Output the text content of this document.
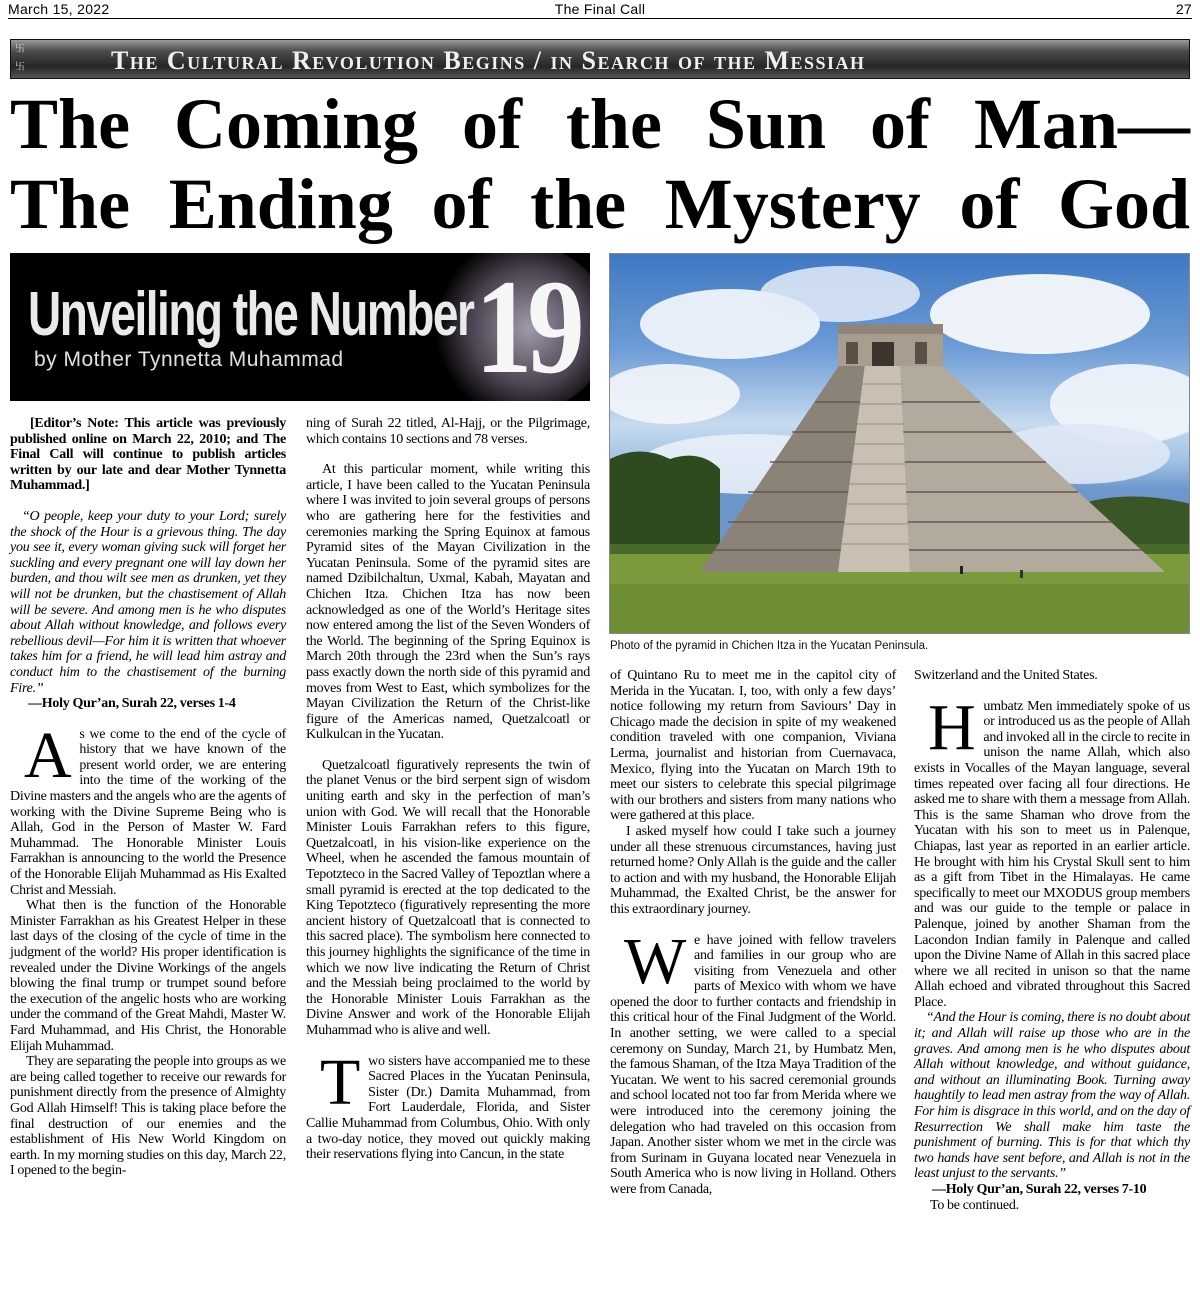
March 15, 2022	The Final Call	27
卐
卐	The Cultural Revolution Begins / in Search of the Messiah
The Coming of the Sun of Man—
The Ending of the Mystery of God
Unveiling the Number
by Mother Tynnetta Muhammad 19
Photo of the pyramid in Chichen Itza in the Yucatan Peninsula.

[Editor’s Note: This article was previously published online on March 22, 2010; and The Final Call will continue to publish articles written by our late and dear Mother Tynnetta Muhammad.]

“O people, keep your duty to your Lord; surely the shock of the Hour is a grievous thing. The day you see it, every woman giving suck will forget her suckling and every pregnant one will lay down her burden, and thou wilt see men as drunken, yet they will not be drunken, but the chastisement of Allah will be severe. And among men is he who disputes about Allah without knowledge, and follows every rebellious devil—For him it is written that whoever takes him for a friend, he will lead him astray and conduct him to the chastisement of the burning Fire.”

—Holy Qur’an, Surah 22, verses 1-4

As we come to the end of the cycle of history that we have known of the present world order, we are entering into the time of the working of the Divine masters and the angels who are the agents of working with the Divine Supreme Being who is Allah, God in the Person of Master W. Fard Muhammad. The Honorable Minister Louis Farrakhan is announcing to the world the Presence of the Honorable Elijah Muhammad as His Exalted Christ and Messiah.

What then is the function of the Honorable Minister Farrakhan as his Greatest Helper in these last days of the closing of the cycle of time in the judgment of the world? His proper identification is revealed under the Divine Workings of the angels blowing the final trump or trumpet sound before the execution of the angelic hosts who are working under the command of the Great Mahdi, Master W. Fard Muhammad, and His Christ, the Honorable Elijah Muhammad.

They are separating the people into groups as we are being called together to receive our rewards for punishment directly from the presence of Almighty God Allah Himself! This is taking place before the final destruction of our enemies and the establishment of His New World Kingdom on earth. In my morning studies on this day, March 22, I opened to the begin-

ning of Surah 22 titled, Al-Hajj, or the Pilgrimage, which contains 10 sections and 78 verses.

At this particular moment, while writing this article, I have been called to the Yucatan Peninsula where I was invited to join several groups of persons who are gathering here for the festivities and ceremonies marking the Spring Equinox at famous Pyramid sites of the Mayan Civilization in the Yucatan Peninsula. Some of the pyramid sites are named Dzibilchaltun, Uxmal, Kabah, Mayatan and Chichen Itza. Chichen Itza has now been acknowledged as one of the World’s Heritage sites now entered among the list of the Seven Wonders of the World. The beginning of the Spring Equinox is March 20th through the 23rd when the Sun’s rays pass exactly down the north side of this pyramid and moves from West to East, which symbolizes for the Mayan Civilization the Return of the Christ-like figure of the Americas named, Quetzalcoatl or Kulkulcan in the Yucatan.

Quetzalcoatl figuratively represents the twin of the planet Venus or the bird serpent sign of wisdom uniting earth and sky in the perfection of man’s union with God. We will recall that the Honorable Minister Louis Farrakhan refers to this figure, Quetzalcoatl, in his vision-like experience on the Wheel, when he ascended the famous mountain of Tepotzteco in the Sacred Valley of Tepoztlan where a small pyramid is erected at the top dedicated to the King Tepotzteco (figuratively representing the more ancient history of Quetzalcoatl that is connected to this sacred place). The symbolism here connected to this journey highlights the significance of the time in which we now live indicating the Return of Christ and the Messiah being proclaimed to the world by the Honorable Minister Louis Farrakhan as the Divine Answer and work of the Honorable Elijah Muhammad who is alive and well.

Two sisters have accompanied me to these Sacred Places in the Yucatan Peninsula, Sister (Dr.) Damita Muhammad, from Fort Lauderdale, Florida, and Sister Callie Muhammad from Columbus, Ohio. With only a two-day notice, they moved out quickly making their reservations flying into Cancun, in the state

of Quintano Ru to meet me in the capitol city of Merida in the Yucatan. I, too, with only a few days’ notice following my return from Saviours’ Day in Chicago made the decision in spite of my weakened condition traveled with one companion, Viviana Lerma, journalist and historian from Cuernavaca, Mexico, flying into the Yucatan on March 19th to meet our sisters to celebrate this special pilgrimage with our brothers and sisters from many nations who were gathered at this place.

I asked myself how could I take such a journey under all these strenuous circumstances, having just returned home? Only Allah is the guide and the caller to action and with my husband, the Honorable Elijah Muhammad, the Exalted Christ, be the answer for this extraordinary journey.

We have joined with fellow travelers and families in our group who are visiting from Venezuela and other parts of Mexico with whom we have opened the door to further contacts and friendship in this critical hour of the Final Judgment of the World. In another setting, we were called to a special ceremony on Sunday, March 21, by Humbatz Men, the famous Shaman, of the Itza Maya Tradition of the Yucatan. We went to his sacred ceremonial grounds and school located not too far from Merida where we were introduced into the ceremony joining the delegation who had traveled on this occasion from Japan. Another sister whom we met in the circle was from Surinam in Guyana located near Venezuela in South America who is now living in Holland. Others were from Canada,

Switzerland and the United States.

Humbatz Men immediately spoke of us or introduced us as the people of Allah and invoked all in the circle to recite in unison the name Allah, which also exists in Vocalles of the Mayan language, several times repeated over facing all four directions. He asked me to share with them a message from Allah. This is the same Shaman who drove from the Yucatan with his son to meet us in Palenque, Chiapas, last year as reported in an earlier article. He brought with him his Crystal Skull sent to him as a gift from Tibet in the Himalayas. He came specifically to meet our MXODUS group members and was our guide to the temple or palace in Palenque, joined by another Shaman from the Lacondon Indian family in Palenque and called upon the Divine Name of Allah in this sacred place where we all recited in unison so that the name Allah echoed and vibrated throughout this Sacred Place.

“And the Hour is coming, there is no doubt about it; and Allah will raise up those who are in the graves. And among men is he who disputes about Allah without knowledge, and without guidance, and without an illuminating Book. Turning away haughtily to lead men astray from the way of Allah. For him is disgrace in this world, and on the day of Resurrection We shall make him taste the punishment of burning. This is for that which thy two hands have sent before, and Allah is not in the least unjust to the servants.”

—Holy Qur’an, Surah 22, verses 7-10

To be continued.
